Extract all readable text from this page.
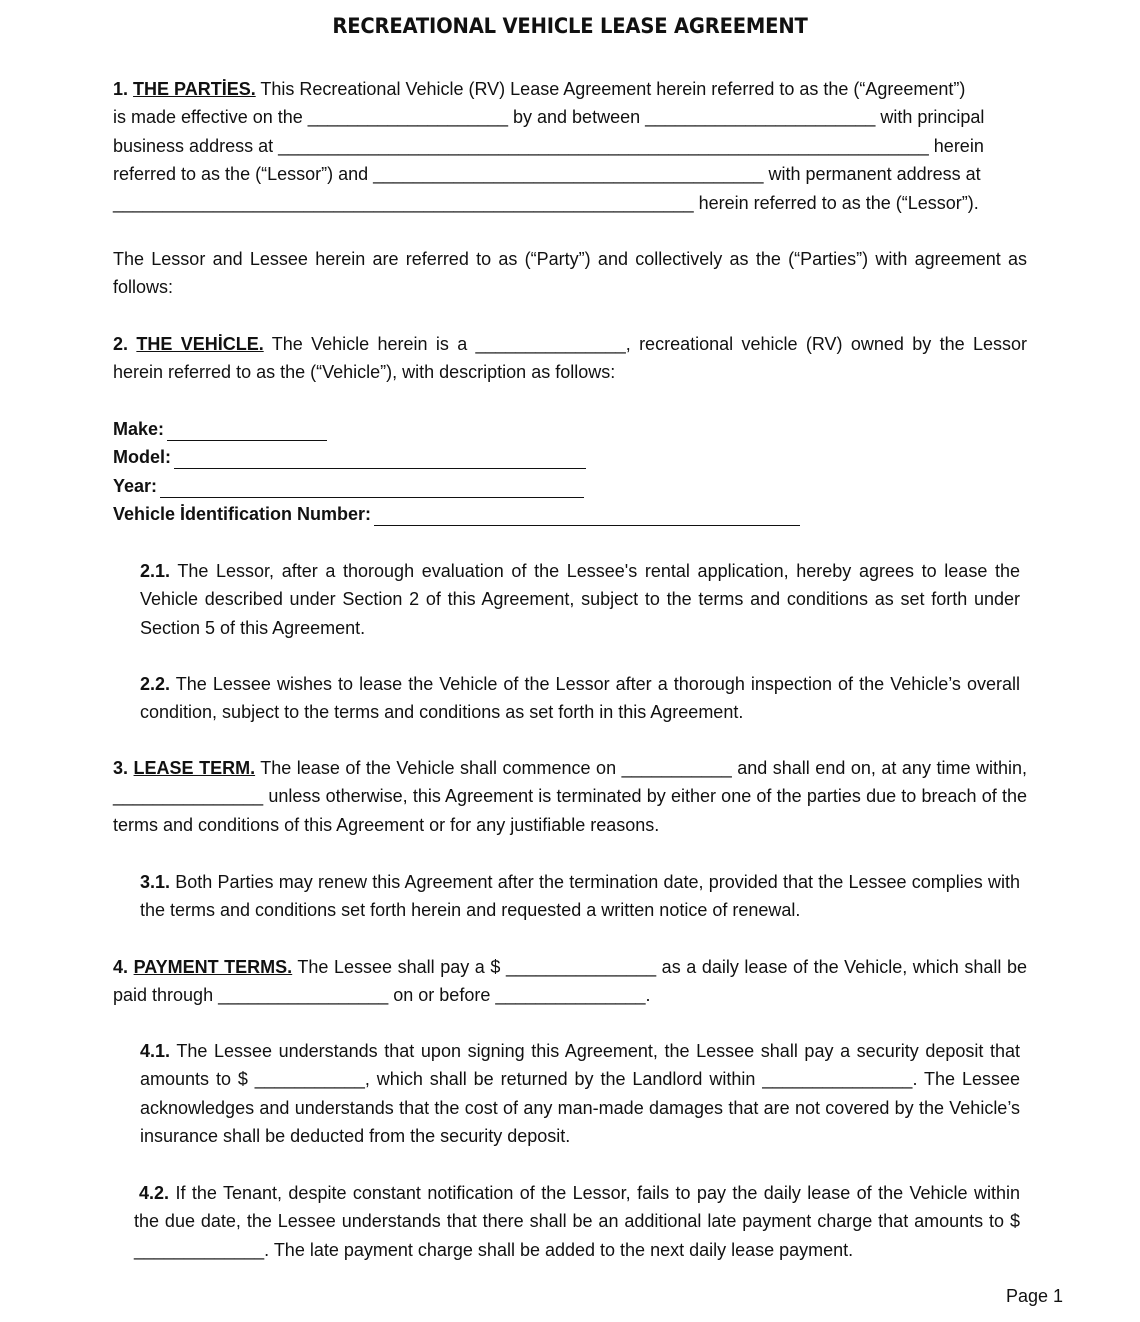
RECREATIONAL VEHICLE LEASE AGREEMENT
1. THE PARTİES. This Recreational Vehicle (RV) Lease Agreement herein referred to as the (“Agreement”)
is made effective on the ____________________ by and between _______________________ with principal
business address at _________________________________________________________________ herein
referred to as the (“Lessor”) and _______________________________________ with permanent address at
__________________________________________________________ herein referred to as the (“Lessor”).
The Lessor and Lessee herein are referred to as (“Party”) and collectively as the (“Parties”) with agreement as follows:
2. THE VEHİCLE. The Vehicle herein is a _______________, recreational vehicle (RV) owned by the Lessor herein referred to as the (“Vehicle”), with description as follows:
Make:
Model:
Year:
Vehicle İdentification Number:
2.1. The Lessor, after a thorough evaluation of the Lessee's rental application, hereby agrees to lease the Vehicle described under Section 2 of this Agreement, subject to the terms and conditions as set forth under Section 5 of this Agreement.
2.2. The Lessee wishes to lease the Vehicle of the Lessor after a thorough inspection of the Vehicle’s overall condition, subject to the terms and conditions as set forth in this Agreement.
3. LEASE TERM. The lease of the Vehicle shall commence on ___________ and shall end on, at any time within, _______________ unless otherwise, this Agreement is terminated by either one of the parties due to breach of the terms and conditions of this Agreement or for any justifiable reasons.
3.1. Both Parties may renew this Agreement after the termination date, provided that the Lessee complies with the terms and conditions set forth herein and requested a written notice of renewal.
4. PAYMENT TERMS. The Lessee shall pay a $ _______________ as a daily lease of the Vehicle, which shall be paid through _________________ on or before _______________.
4.1. The Lessee understands that upon signing this Agreement, the Lessee shall pay a security deposit that amounts to $ ___________, which shall be returned by the Landlord within _______________. The Lessee acknowledges and understands that the cost of any man-made damages that are not covered by the Vehicle’s insurance shall be deducted from the security deposit.
4.2. If the Tenant, despite constant notification of the Lessor, fails to pay the daily lease of the Vehicle within the due date, the Lessee understands that there shall be an additional late payment charge that amounts to $ _____________. The late payment charge shall be added to the next daily lease payment.
Page 1
